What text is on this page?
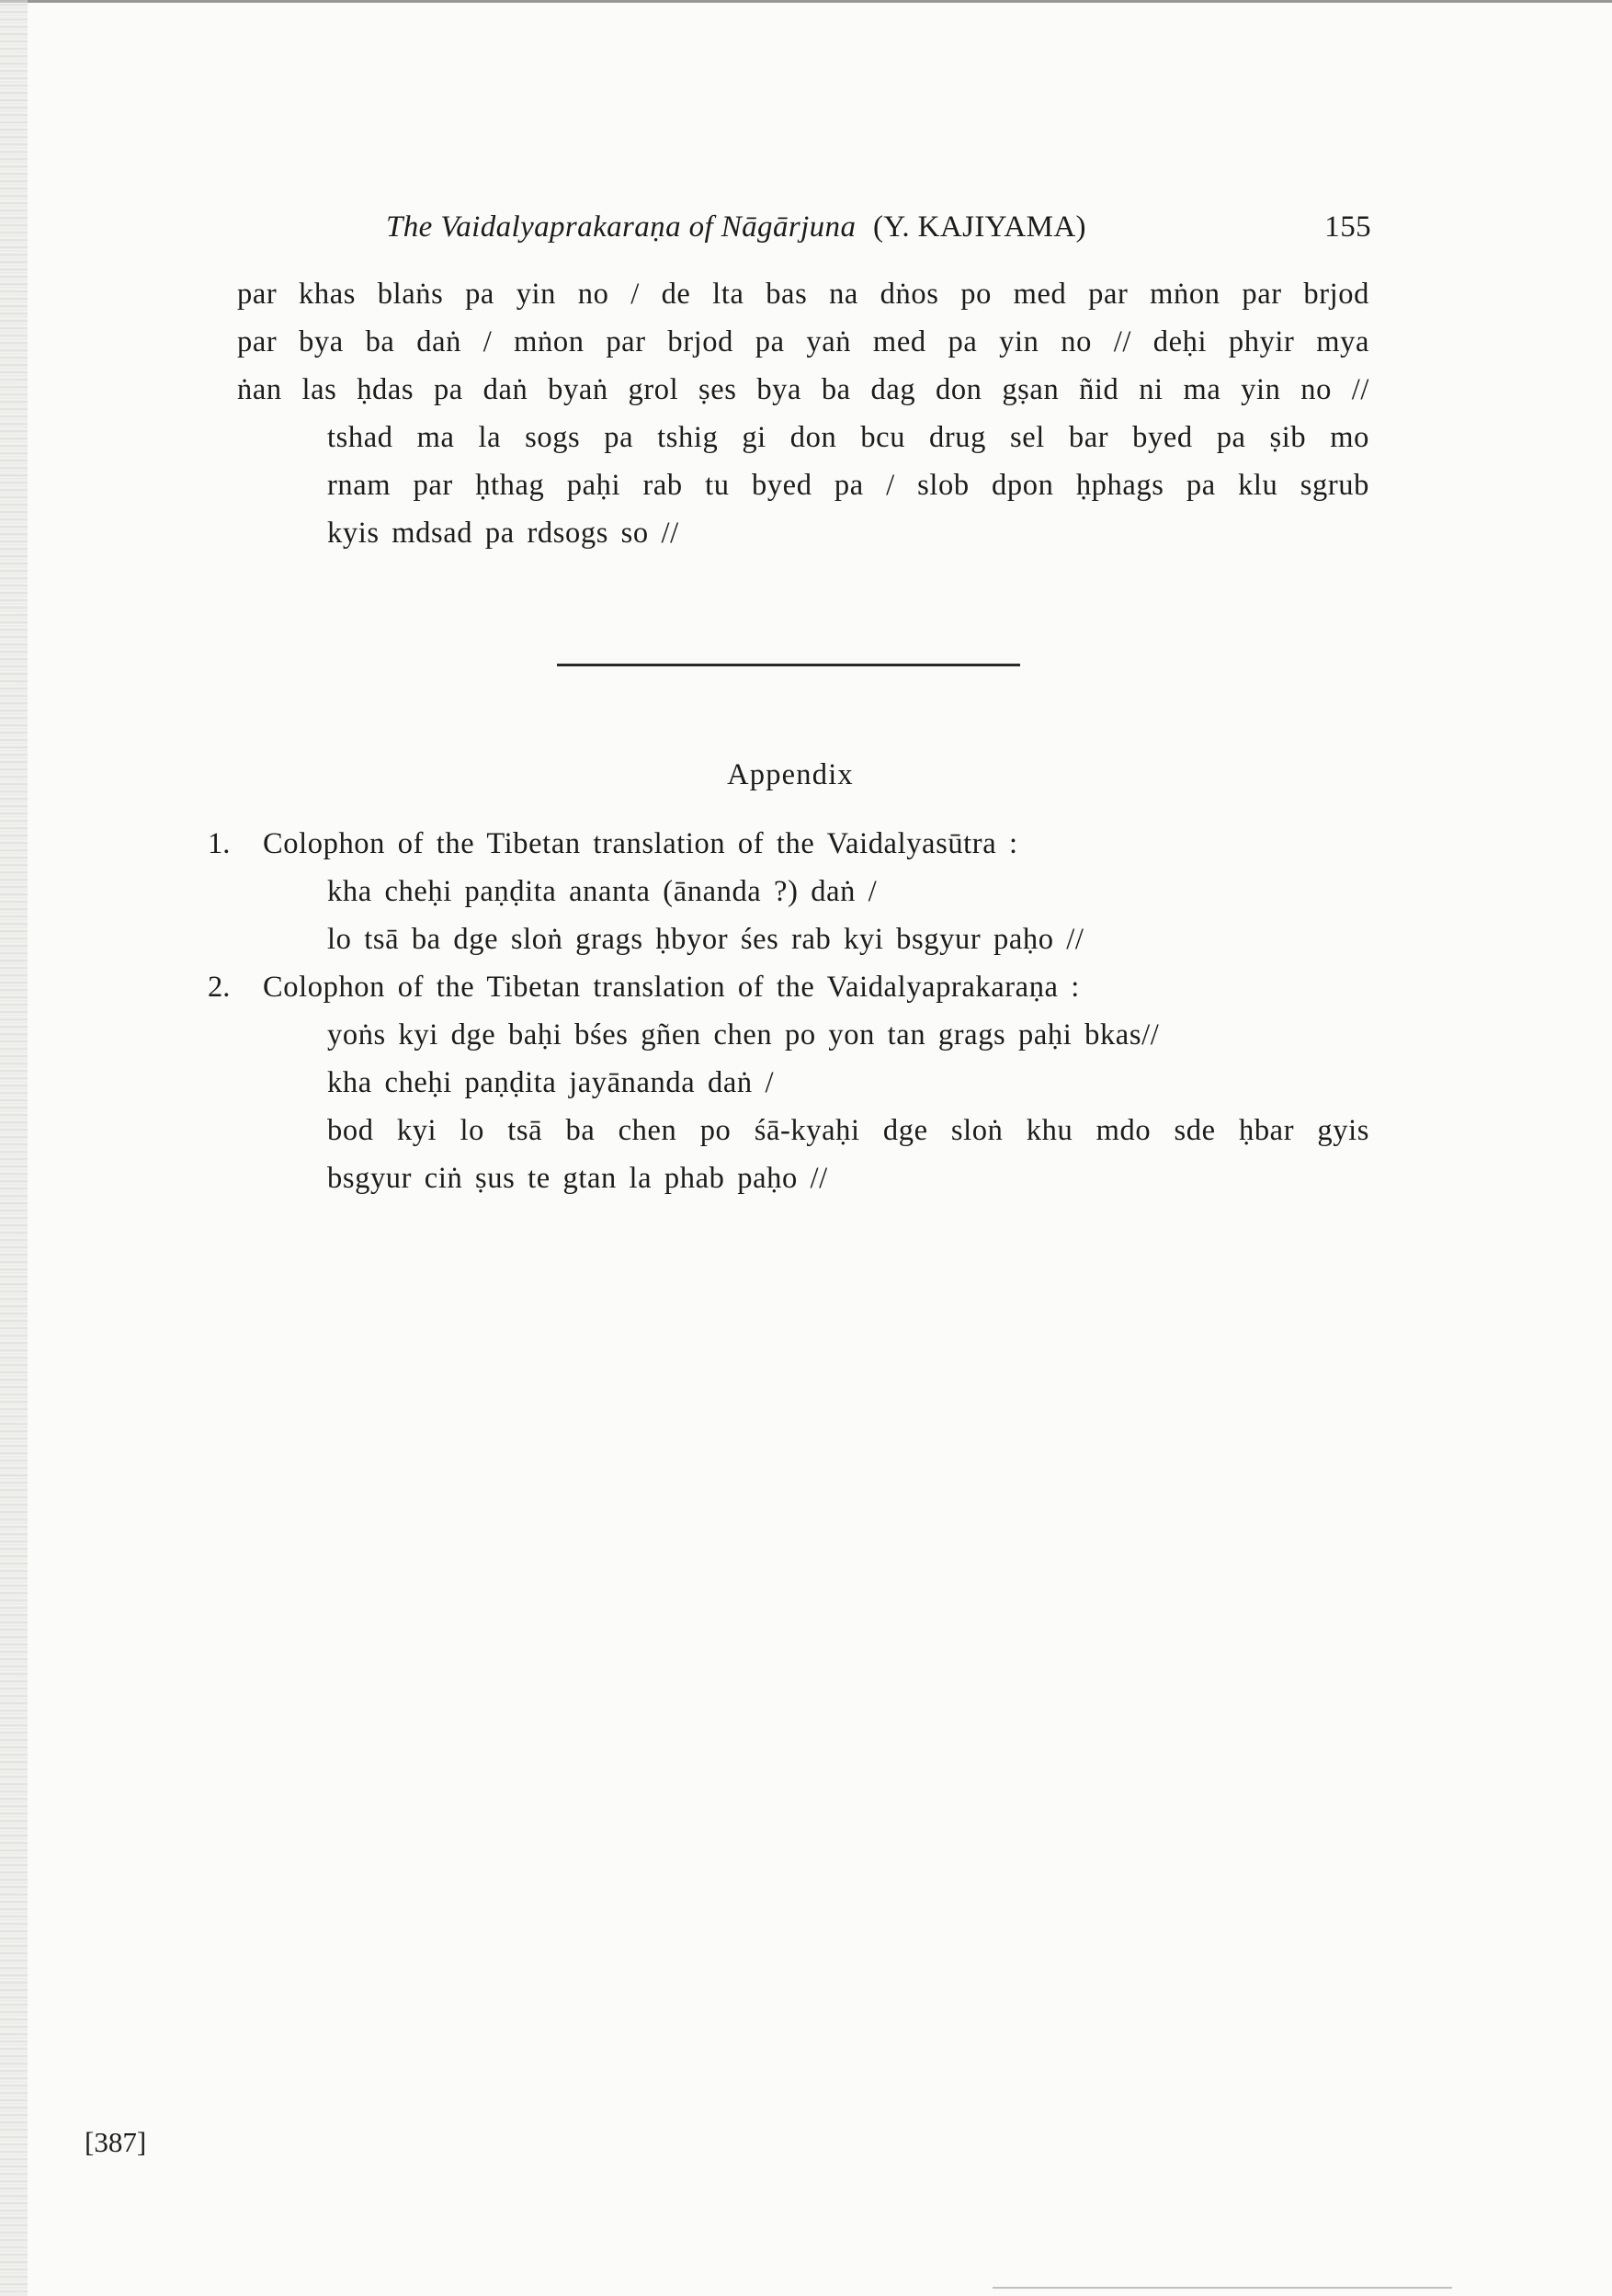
The Vaidalyaprakaraṇa of Nāgārjuna (Y. KAJIYAMA)	155
par khas blaṅs pa yin no / de lta bas na dṅos po med par mṅon par brjod
par bya ba daṅ / mṅon par brjod pa yaṅ med pa yin no // deḥi phyir mya
ṅan las ḥdas pa daṅ byaṅ grol ṣes bya ba dag don gṣan ñid ni ma yin no //
tshad ma la sogs pa tshig gi don bcu drug sel bar byed pa ṣib mo
rnam par ḥthag paḥi rab tu byed pa / slob dpon ḥphags pa klu sgrub
kyis mdsad pa rdsogs so //
Appendix
1. Colophon of the Tibetan translation of the Vaidalyasūtra :
kha cheḥi paṇḍita ananta (ānanda ?) daṅ /
lo tsā ba dge sloṅ grags ḥbyor śes rab kyi bsgyur paḥo //
2. Colophon of the Tibetan translation of the Vaidalyaprakaraṇa :
yoṅs kyi dge baḥi bśes gñen chen po yon tan grags paḥi bkas//
kha cheḥi paṇḍita jayānanda daṅ /
bod kyi lo tsā ba chen po śā-kyaḥi dge sloṅ khu mdo sde ḥbar gyis
bsgyur ciṅ ṣus te gtan la phab paḥo //
[387]
